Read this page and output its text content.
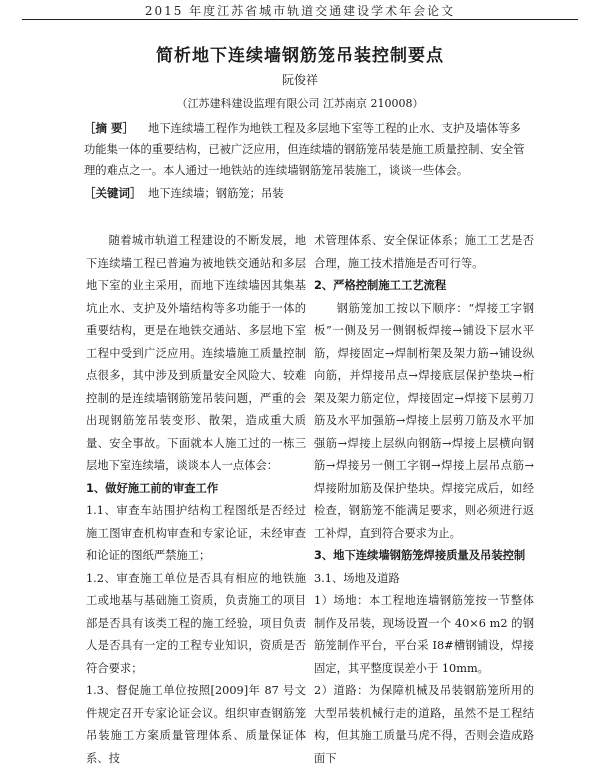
2015 年度江苏省城市轨道交通建设学术年会论文
简析地下连续墙钢筋笼吊装控制要点
阮俊祥
（江苏建科建设监理有限公司 江苏南京 210008）
［摘 要］ 地下连续墙工程作为地铁工程及多层地下室等工程的止水、支护及墙体等多功能集一体的重要结构，已被广泛应用，但连续墙的钢筋笼吊装是施工质量控制、安全管理的难点之一。本人通过一地铁站的连续墙钢筋笼吊装施工，谈谈一些体会。
［关键词］ 地下连续墙；钢筋笼；吊装

随着城市轨道工程建设的不断发展，地下连续墙工程已普遍为被地铁交通站和多层地下室的业主采用，而地下连续墙因其集基坑止水、支护及外墙结构等多功能于一体的重要结构，更是在地铁交通站、多层地下室工程中受到广泛应用。连续墙施工质量控制点很多，其中涉及到质量安全风险大、较难控制的是连续墙钢筋笼吊装问题，严重的会出现钢筋笼吊装变形、散架，造成重大质量、安全事故。下面就本人施工过的一栋三层地下室连续墙，谈谈本人一点体会：

1、做好施工前的审查工作

1.1、审查车站围护结构工程图纸是否经过施工图审查机构审查和专家论证，未经审查和论证的图纸严禁施工；

1.2、审查施工单位是否具有相应的地铁施工或地基与基础施工资质，负责施工的项目部是否具有该类工程的施工经验，项目负责人是否具有一定的工程专业知识，资质是否符合要求；

1.3、督促施工单位按照[2009]年 87 号文件规定召开专家论证会议。组织审查钢筋笼吊装施工方案质量管理体系、质量保证体系、技

术管理体系、安全保证体系；施工工艺是否合理，施工技术措施是否可行等。

2、严格控制施工工艺流程

钢筋笼加工按以下顺序：“焊接工字钢板”一侧及另一侧钢板焊接→铺设下层水平筋，焊接固定→焊制桁架及架力筋→铺设纵向筋，并焊接吊点→焊接底层保护垫块→桁架及架力筋定位，焊接固定→焊接下层剪刀筋及水平加强筋→焊接上层剪刀筋及水平加强筋→焊接上层纵向钢筋→焊接上层横向钢筋→焊接另一侧工字钢→焊接上层吊点筋→焊接附加筋及保护垫块。焊接完成后，如经检查，钢筋笼不能满足要求，则必须进行返工补焊，直到符合要求为止。

3、地下连续墙钢筋笼焊接质量及吊装控制

3.1、场地及道路

1）场地：本工程地连墙钢筋笼按一节整体制作及吊装，现场设置一个 40×6 m2 的钢筋笼制作平台，平台采 I8#槽钢铺设，焊接固定，其平整度误差小于 10mm。

2）道路：为保障机械及吊装钢筋笼所用的大型吊装机械行走的道路，虽然不是工程结构，但其施工质量马虎不得，否则会造成路面下
